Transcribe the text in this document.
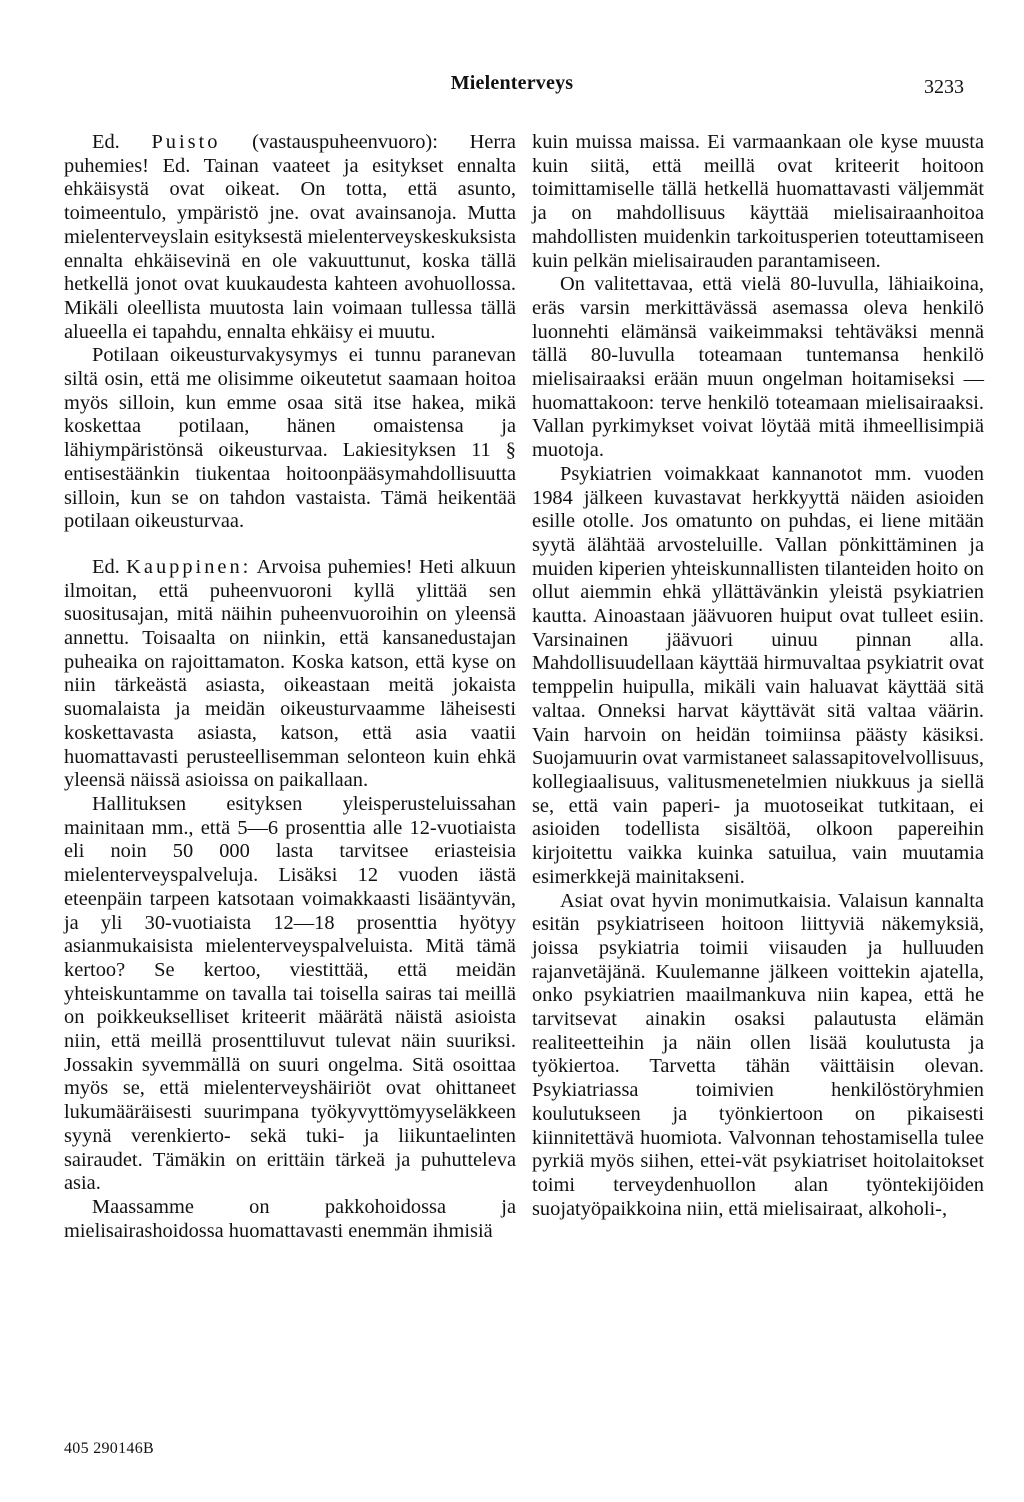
Mielenterveys	3233

Ed. Puisto (vastauspuheenvuoro): Herra puhemies! Ed. Tainan vaateet ja esitykset ennalta ehkäisystä ovat oikeat. On totta, että asunto, toimeentulo, ympäristö jne. ovat avainsanoja. Mutta mielenterveyslain esityksestä mielenterveyskeskuksista ennalta ehkäisevinä en ole vakuuttunut, koska tällä hetkellä jonot ovat kuukaudesta kahteen avohuollossa. Mikäli oleellista muutosta lain voimaan tullessa tällä alueella ei tapahdu, ennalta ehkäisy ei muutu.

Potilaan oikeusturvakysymys ei tunnu paranevan siltä osin, että me olisimme oikeutetut saamaan hoitoa myös silloin, kun emme osaa sitä itse hakea, mikä koskettaa potilaan, hänen omaistensa ja lähiympäristönsä oikeusturvaa. Lakiesityksen 11 § entisestäänkin tiukentaa hoitoonpääsymahdollisuutta silloin, kun se on tahdon vastaista. Tämä heikentää potilaan oikeusturvaa.

Ed. Kauppinen: Arvoisa puhemies! Heti alkuun ilmoitan, että puheenvuoroni kyllä ylittää sen suositusajan, mitä näihin puheenvuoroihin on yleensä annettu. Toisaalta on niinkin, että kansanedustajan puheaika on rajoittamaton. Koska katson, että kyse on niin tärkeästä asiasta, oikeastaan meitä jokaista suomalaista ja meidän oikeusturvaamme läheisesti koskettavasta asiasta, katson, että asia vaatii huomattavasti perusteellisemman selonteon kuin ehkä yleensä näissä asioissa on paikallaan.

Hallituksen esityksen yleisperusteluissahan mainitaan mm., että 5—6 prosenttia alle 12-vuotiaista eli noin 50 000 lasta tarvitsee eriasteisia mielenterveyspalveluja. Lisäksi 12 vuoden iästä eteenpäin tarpeen katsotaan voimakkaasti lisääntyvän, ja yli 30-vuotiaista 12—18 prosenttia hyötyy asianmukaisista mielenterveyspalveluista. Mitä tämä kertoo? Se kertoo, viestittää, että meidän yhteiskuntamme on tavalla tai toisella sairas tai meillä on poikkeukselliset kriteerit määrätä näistä asioista niin, että meillä prosenttiluvut tulevat näin suuriksi. Jossakin syvemmällä on suuri ongelma. Sitä osoittaa myös se, että mielenterveyshäiriöt ovat ohittaneet lukumääräisesti suurimpana työkyvyttömyyseläkkeen syynä verenkierto- sekä tuki- ja liikuntaelinten sairaudet. Tämäkin on erittäin tärkeä ja puhutteleva asia.

Maassamme on pakkohoidossa ja mielisairashoidossa huomattavasti enemmän ihmisiä

kuin muissa maissa. Ei varmaankaan ole kyse muusta kuin siitä, että meillä ovat kriteerit hoitoon toimittamiselle tällä hetkellä huomattavasti väljemmät ja on mahdollisuus käyttää mielisairaanhoitoa mahdollisten muidenkin tarkoitusperien toteuttamiseen kuin pelkän mielisairauden parantamiseen.

On valitettavaa, että vielä 80-luvulla, lähiaikoina, eräs varsin merkittävässä asemassa oleva henkilö luonnehti elämänsä vaikeimmaksi tehtäväksi mennä tällä 80-luvulla toteamaan tuntemansa henkilö mielisairaaksi erään muun ongelman hoitamiseksi — huomattakoon: terve henkilö toteamaan mielisairaaksi. Vallan pyrkimykset voivat löytää mitä ihmeellisimpiä muotoja.

Psykiatrien voimakkaat kannanotot mm. vuoden 1984 jälkeen kuvastavat herkkyyttä näiden asioiden esille otolle. Jos omatunto on puhdas, ei liene mitään syytä älähtää arvosteluille. Vallan pönkittäminen ja muiden kiperien yhteiskunnallisten tilanteiden hoito on ollut aiemmin ehkä yllättävänkin yleistä psykiatrien kautta. Ainoastaan jäävuoren huiput ovat tulleet esiin. Varsinainen jäävuori uinuu pinnan alla. Mahdollisuudellaan käyttää hirmuvaltaa psykiatrit ovat temppelin huipulla, mikäli vain haluavat käyttää sitä valtaa. Onneksi harvat käyttävät sitä valtaa väärin. Vain harvoin on heidän toimiinsa päästy käsiksi. Suojamuurin ovat varmistaneet salassapitovelvollisuus, kollegiaalisuus, valitusmenetelmien niukkuus ja siellä se, että vain paperi- ja muotoseikat tutkitaan, ei asioiden todellista sisältöä, olkoon papereihin kirjoitettu vaikka kuinka satuilua, vain muutamia esimerkkejä mainitakseni.

Asiat ovat hyvin monimutkaisia. Valaisun kannalta esitän psykiatriseen hoitoon liittyviä näkemyksiä, joissa psykiatria toimii viisauden ja hulluuden rajanvetäjänä. Kuulemanne jälkeen voittekin ajatella, onko psykiatrien maailmankuva niin kapea, että he tarvitsevat ainakin osaksi palautusta elämän realiteetteihin ja näin ollen lisää koulutusta ja työkiertoa. Tarvetta tähän väittäisin olevan. Psykiatriassa toimivien henkilöstöryhmien koulutukseen ja työnkiertoon on pikaisesti kiinnitettävä huomiota. Valvonnan tehostamisella tulee pyrkiä myös siihen, ettei-vät psykiatriset hoitolaitokset toimi terveydenhuollon alan työntekijöiden suojatyöpaikkoina niin, että mielisairaat, alkoholi-,

405 290146B
